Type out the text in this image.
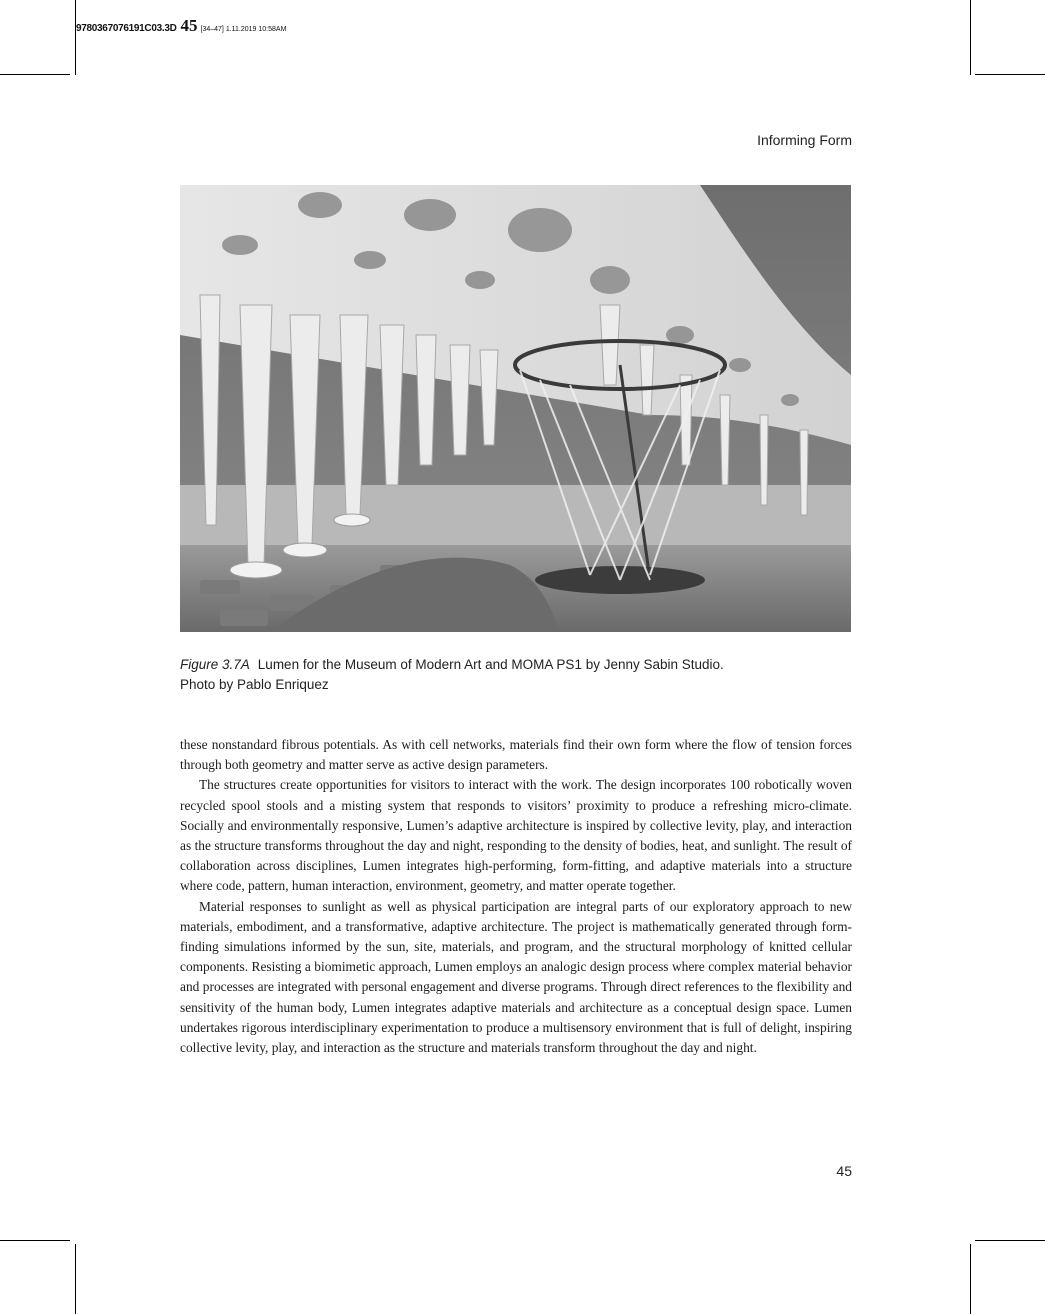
9780367076191C03.3D 45 [34–47] 1.11.2019 10:58AM
Informing Form
Figure 3.7A Lumen for the Museum of Modern Art and MOMA PS1 by Jenny Sabin Studio.
Photo by Pablo Enriquez

these nonstandard fibrous potentials. As with cell networks, materials find their own form where the flow of tension forces through both geometry and matter serve as active design parameters.

The structures create opportunities for visitors to interact with the work. The design incorporates 100 robotically woven recycled spool stools and a misting system that responds to visitors’ proximity to produce a refreshing micro-climate. Socially and environmentally responsive, Lumen’s adaptive architecture is inspired by collective levity, play, and interaction as the structure transforms throughout the day and night, responding to the density of bodies, heat, and sunlight. The result of collaboration across disciplines, Lumen integrates high-performing, form-fitting, and adaptive materials into a structure where code, pattern, human interaction, environment, geometry, and matter operate together.

Material responses to sunlight as well as physical participation are integral parts of our exploratory approach to new materials, embodiment, and a transformative, adaptive architecture. The project is mathematically generated through form-finding simulations informed by the sun, site, materials, and program, and the structural morphology of knitted cellular components. Resisting a biomimetic approach, Lumen employs an analogic design process where complex material behavior and processes are integrated with personal engagement and diverse programs. Through direct references to the flexibility and sensitivity of the human body, Lumen integrates adaptive materials and architecture as a conceptual design space. Lumen undertakes rigorous interdisciplinary experimentation to produce a multisensory environment that is full of delight, inspiring collective levity, play, and interaction as the structure and materials transform throughout the day and night.

45
